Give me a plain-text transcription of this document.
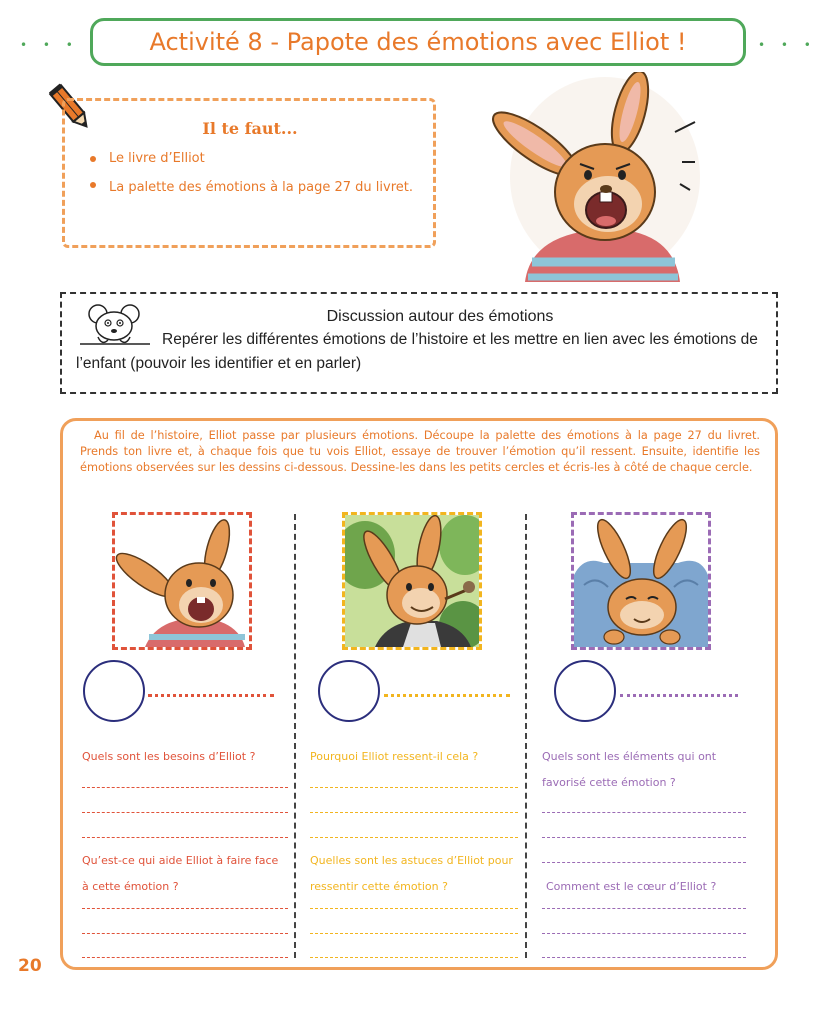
• • •	Activité 8 - Papote des émotions avec Elliot !	• • •
Il te faut...
Le livre d’Elliot
La palette des émotions à la page 27 du livret.
Discussion autour des émotions
Repérer les différentes émotions de l’histoire et les mettre en lien avec les émotions de l’enfant (pouvoir les identifier et en parler)
Au fil de l’histoire, Elliot passe par plusieurs émotions. Découpe la palette des émotions à la page 27 du livret. Prends ton livre et, à chaque fois que tu vois Elliot, essaye de trouver l’émotion qu’il ressent. Ensuite, identifie les émotions observées sur les dessins ci-dessous. Dessine-les dans les petits cercles et écris-les à côté de chaque cercle.
Quels sont les besoins d’Elliot ?
Qu’est-ce qui aide Elliot à faire face à cette émotion ?
Pourquoi Elliot ressent-il cela ?
Quelles sont les astuces d’Elliot pour ressentir cette émotion ?
Quels sont les éléments qui ont favorisé cette émotion ?
Comment est le cœur d’Elliot ?
20
